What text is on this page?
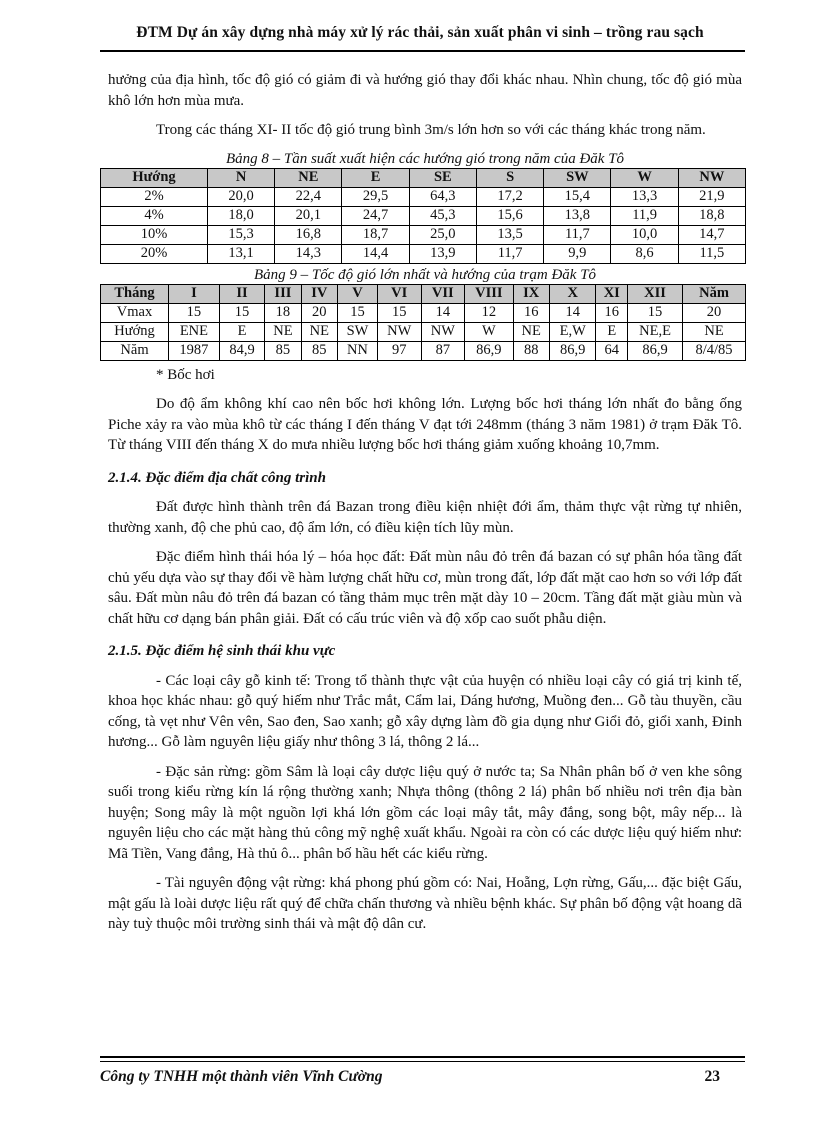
ĐTM Dự án xây dựng nhà máy xử lý rác thải, sản xuất phân vi sinh – trồng rau sạch

hưởng của địa hình, tốc độ gió có giảm đi và hướng gió thay đổi khác nhau. Nhìn chung, tốc độ gió mùa khô lớn hơn mùa mưa.

Trong các tháng XI- II tốc độ gió trung bình 3m/s lớn hơn so với các tháng khác trong năm.

Bảng 8 – Tần suất xuất hiện các hướng gió trong năm của Đăk Tô
Hướng	N	NE	E	SE	S	SW	W	NW
2%	20,0	22,4	29,5	64,3	17,2	15,4	13,3	21,9
4%	18,0	20,1	24,7	45,3	15,6	13,8	11,9	18,8
10%	15,3	16,8	18,7	25,0	13,5	11,7	10,0	14,7
20%	13,1	14,3	14,4	13,9	11,7	9,9	8,6	11,5
Bảng 9 – Tốc độ gió lớn nhất và hướng của trạm Đăk Tô
Tháng	I	II	III	IV	V	VI	VII	VIII	IX	X	XI	XII	Năm
Vmax	15	15	18	20	15	15	14	12	16	14	16	15	20
Hướng	ENE	E	NE	NE	SW	NW	NW	W	NE	E,W	E	NE,E	NE
Năm	1987	84,9	85	85	NN	97	87	86,9	88	86,9	64	86,9	8/4/85

* Bốc hơi

Do độ ẩm không khí cao nên bốc hơi không lớn. Lượng bốc hơi tháng lớn nhất đo bằng ống Piche xảy ra vào mùa khô từ các tháng I đến tháng V đạt tới 248mm (tháng 3 năm 1981) ở trạm Đăk Tô. Từ tháng VIII đến tháng X do mưa nhiều lượng bốc hơi tháng giảm xuống khoảng 10,7mm.

2.1.4. Đặc điểm địa chất công trình

Đất được hình thành trên đá Bazan trong điều kiện nhiệt đới ẩm, thảm thực vật rừng tự nhiên, thường xanh, độ che phủ cao, độ ẩm lớn, có điều kiện tích lũy mùn.

Đặc điểm hình thái hóa lý – hóa học đất: Đất mùn nâu đỏ trên đá bazan có sự phân hóa tầng đất chủ yếu dựa vào sự thay đổi về hàm lượng chất hữu cơ, mùn trong đất, lớp đất mặt cao hơn so với lớp đất sâu. Đất mùn nâu đỏ trên đá bazan có tầng thảm mục trên mặt dày 10 – 20cm. Tầng đất mặt giàu mùn và chất hữu cơ dạng bán phân giải. Đất có cấu trúc viên và độ xốp cao suốt phẫu diện.

2.1.5. Đặc điểm hệ sinh thái khu vực

- Các loại cây gỗ kinh tế: Trong tổ thành thực vật của huyện có nhiều loại cây có giá trị kinh tế, khoa học khác nhau: gỗ quý hiếm như Trắc mắt, Cẩm lai, Dáng hương, Muồng đen... Gỗ tàu thuyền, cầu cống, tà vẹt như Vên vên, Sao đen, Sao xanh; gỗ xây dựng làm đồ gia dụng như Giổi đỏ, giổi xanh, Đinh hương... Gỗ làm nguyên liệu giấy như thông 3 lá, thông 2 lá...

- Đặc sản rừng: gồm Sâm là loại cây dược liệu quý ở nước ta; Sa Nhân phân bố ở ven khe sông suối trong kiểu rừng kín lá rộng thường xanh; Nhựa thông (thông 2 lá) phân bố nhiều nơi trên địa bàn huyện; Song mây là một nguồn lợi khá lớn gồm các loại mây tắt, mây đắng, song bột, mây nếp... là nguyên liệu cho các mặt hàng thủ công mỹ nghệ xuất khẩu. Ngoài ra còn có các dược liệu quý hiếm như: Mã Tiền, Vang đắng, Hà thủ ô... phân bố hầu hết các kiểu rừng.

- Tài nguyên động vật rừng: khá phong phú gồm có: Nai, Hoẵng, Lợn rừng, Gấu,... đặc biệt Gấu, mật gấu là loài dược liệu rất quý để chữa chấn thương và nhiều bệnh khác. Sự phân bố động vật hoang dã này tuỳ thuộc môi trường sinh thái và mật độ dân cư.

Công ty TNHH một thành viên Vĩnh Cường	23
